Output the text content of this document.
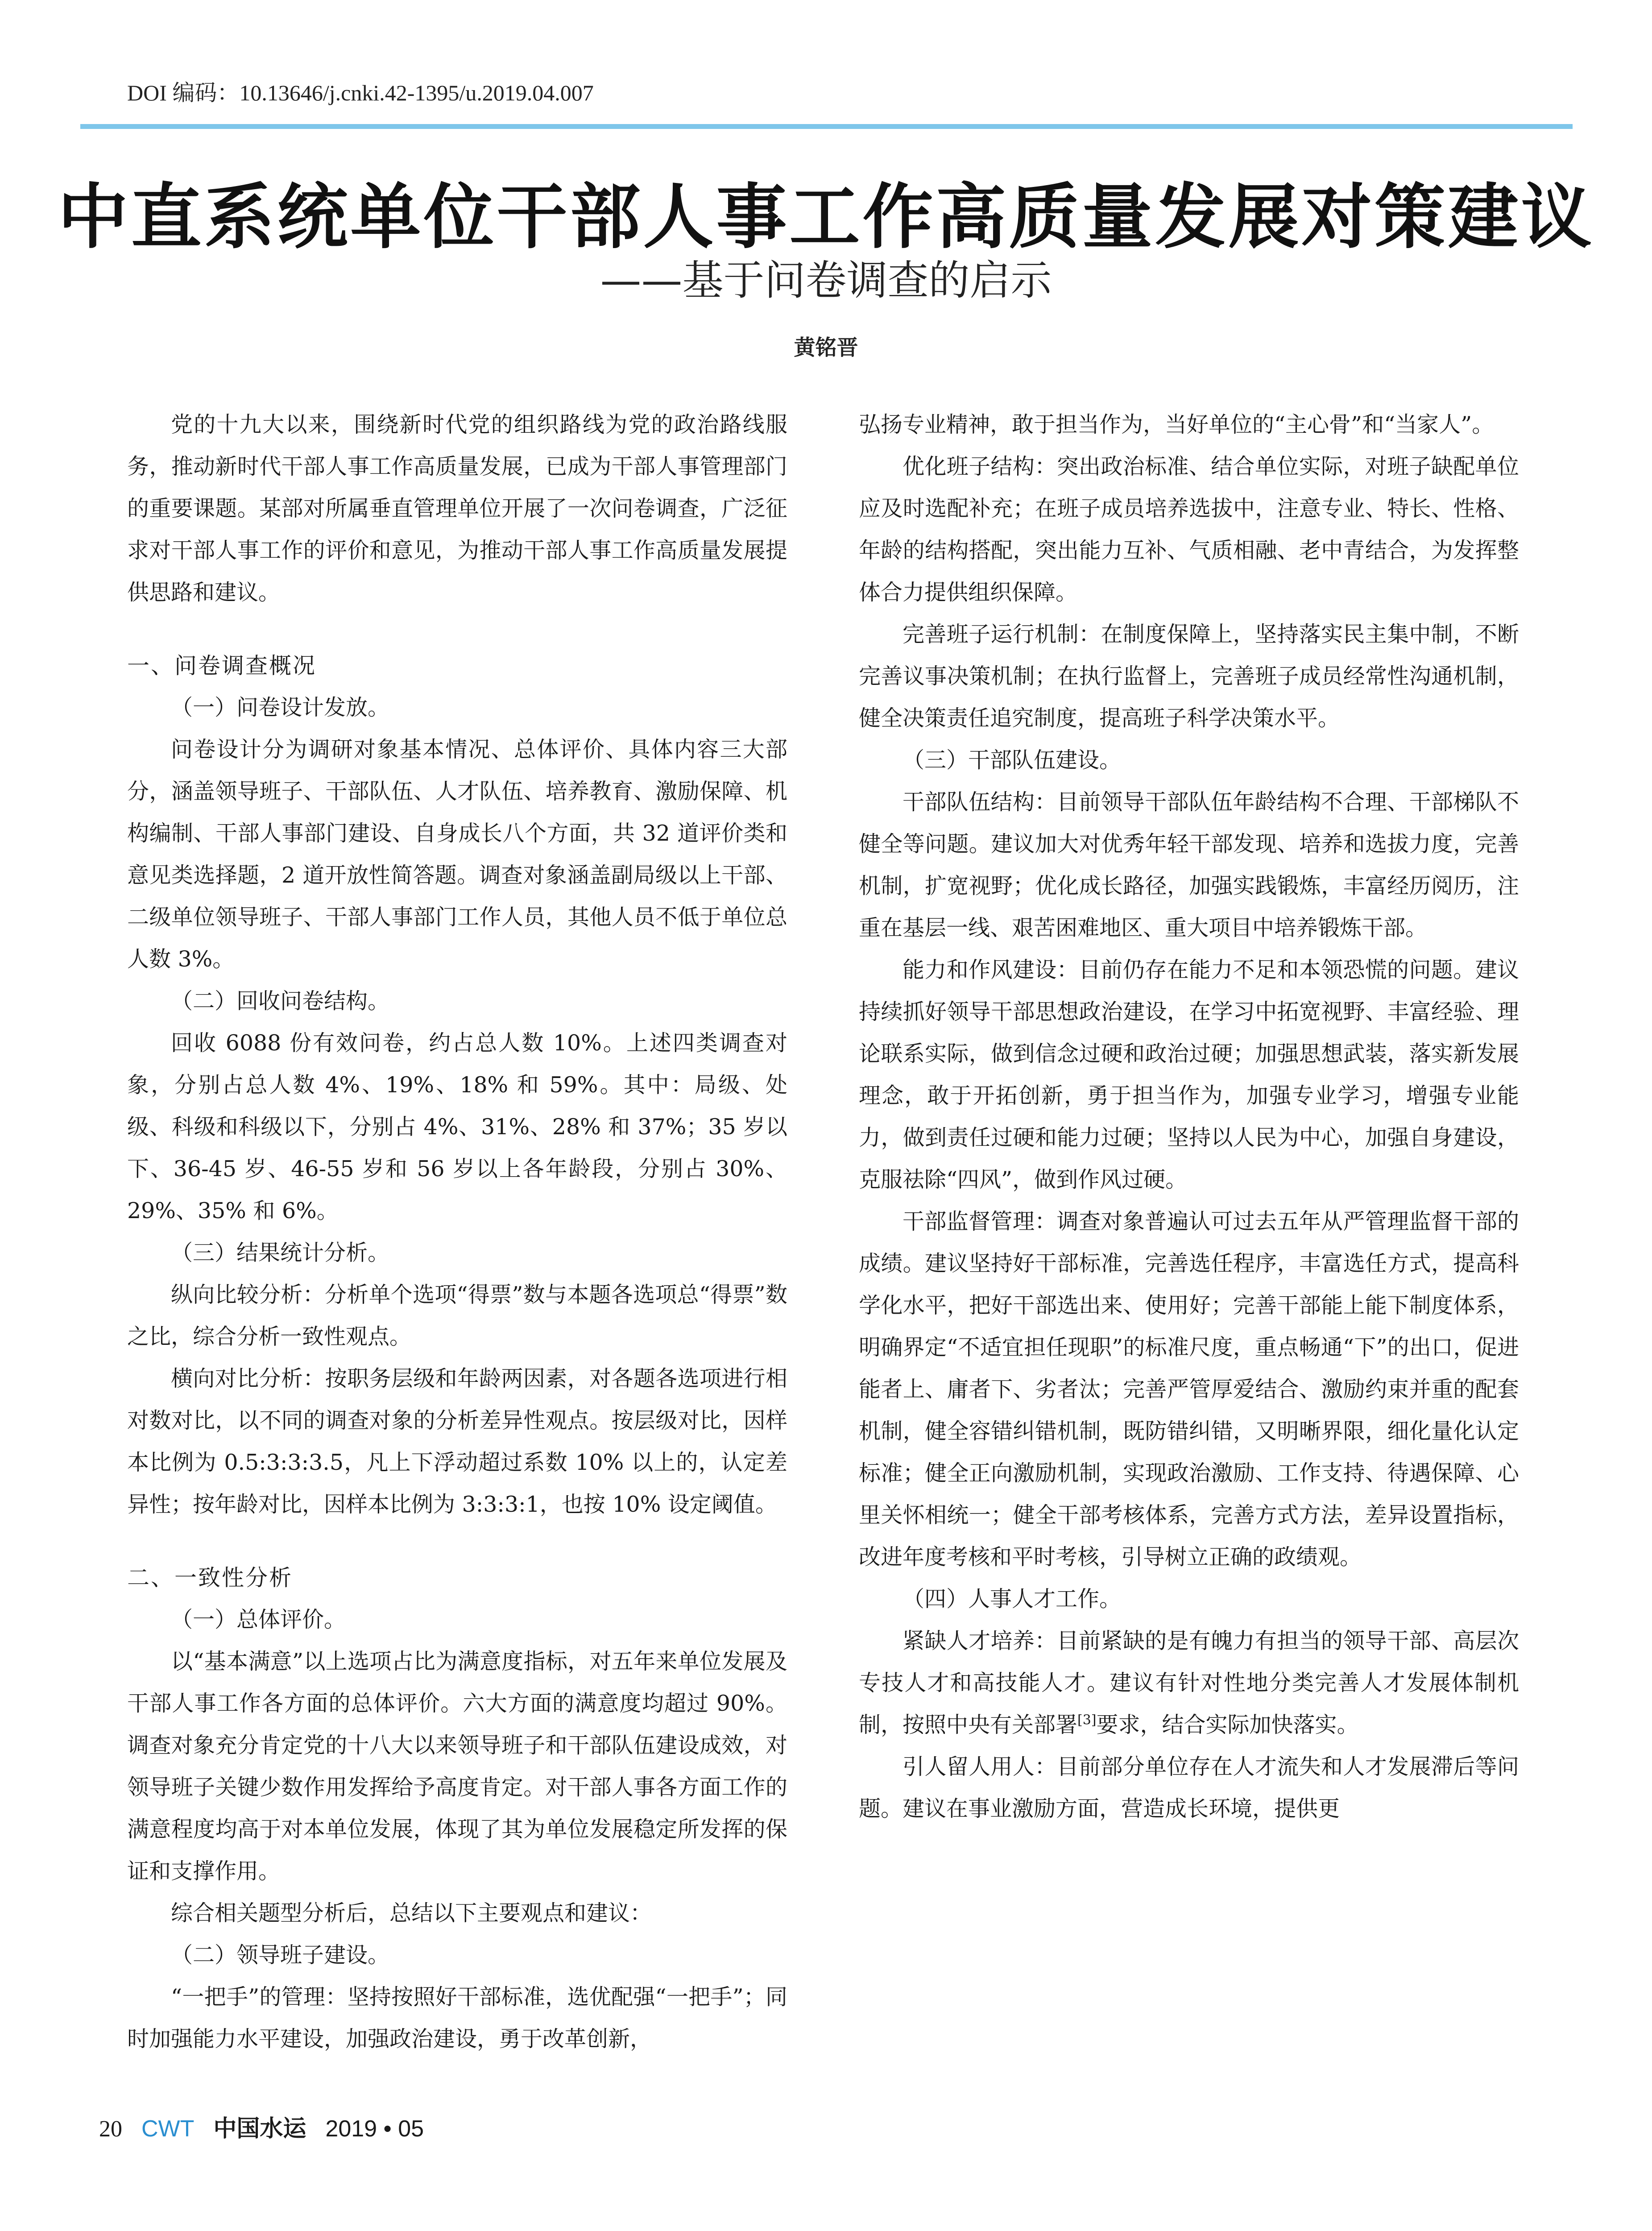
DOI 编码：10.13646/j.cnki.42-1395/u.2019.04.007
中直系统单位干部人事工作高质量发展对策建议
——基于问卷调查的启示
黄铭晋

党的十九大以来，围绕新时代党的组织路线为党的政治路线服务，推动新时代干部人事工作高质量发展，已成为干部人事管理部门的重要课题。某部对所属垂直管理单位开展了一次问卷调查，广泛征求对干部人事工作的评价和意见，为推动干部人事工作高质量发展提供思路和建议。

一、问卷调查概况

（一）问卷设计发放。

问卷设计分为调研对象基本情况、总体评价、具体内容三大部分，涵盖领导班子、干部队伍、人才队伍、培养教育、激励保障、机构编制、干部人事部门建设、自身成长八个方面，共 32 道评价类和意见类选择题，2 道开放性简答题。调查对象涵盖副局级以上干部、二级单位领导班子、干部人事部门工作人员，其他人员不低于单位总人数 3%。

（二）回收问卷结构。

回收 6088 份有效问卷，约占总人数 10%。上述四类调查对象，分别占总人数 4%、19%、18% 和 59%。其中：局级、处级、科级和科级以下，分别占 4%、31%、28% 和 37%；35 岁以下、36-45 岁、46-55 岁和 56 岁以上各年龄段，分别占 30%、29%、35% 和 6%。

（三）结果统计分析。

纵向比较分析：分析单个选项“得票”数与本题各选项总“得票”数之比，综合分析一致性观点。

横向对比分析：按职务层级和年龄两因素，对各题各选项进行相对数对比，以不同的调查对象的分析差异性观点。按层级对比，因样本比例为 0.5:3:3:3.5，凡上下浮动超过系数 10% 以上的，认定差异性；按年龄对比，因样本比例为 3:3:3:1，也按 10% 设定阈值。

二、一致性分析

（一）总体评价。

以“基本满意”以上选项占比为满意度指标，对五年来单位发展及干部人事工作各方面的总体评价。六大方面的满意度均超过 90%。调查对象充分肯定党的十八大以来领导班子和干部队伍建设成效，对领导班子关键少数作用发挥给予高度肯定。对干部人事各方面工作的满意程度均高于对本单位发展，体现了其为单位发展稳定所发挥的保证和支撑作用。

综合相关题型分析后，总结以下主要观点和建议：

（二）领导班子建设。

“一把手”的管理：坚持按照好干部标准，选优配强“一把手”；同时加强能力水平建设，加强政治建设，勇于改革创新，

弘扬专业精神，敢于担当作为，当好单位的“主心骨”和“当家人”。

优化班子结构：突出政治标准、结合单位实际，对班子缺配单位应及时选配补充；在班子成员培养选拔中，注意专业、特长、性格、年龄的结构搭配，突出能力互补、气质相融、老中青结合，为发挥整体合力提供组织保障。

完善班子运行机制：在制度保障上，坚持落实民主集中制，不断完善议事决策机制；在执行监督上，完善班子成员经常性沟通机制，健全决策责任追究制度，提高班子科学决策水平。

（三）干部队伍建设。

干部队伍结构：目前领导干部队伍年龄结构不合理、干部梯队不健全等问题。建议加大对优秀年轻干部发现、培养和选拔力度，完善机制，扩宽视野；优化成长路径，加强实践锻炼，丰富经历阅历，注重在基层一线、艰苦困难地区、重大项目中培养锻炼干部。

能力和作风建设：目前仍存在能力不足和本领恐慌的问题。建议持续抓好领导干部思想政治建设，在学习中拓宽视野、丰富经验、理论联系实际，做到信念过硬和政治过硬；加强思想武装，落实新发展理念，敢于开拓创新，勇于担当作为，加强专业学习，增强专业能力，做到责任过硬和能力过硬；坚持以人民为中心，加强自身建设，克服祛除“四风”，做到作风过硬。

干部监督管理：调查对象普遍认可过去五年从严管理监督干部的成绩。建议坚持好干部标准，完善选任程序，丰富选任方式，提高科学化水平，把好干部选出来、使用好；完善干部能上能下制度体系，明确界定“不适宜担任现职”的标准尺度，重点畅通“下”的出口，促进能者上、庸者下、劣者汰；完善严管厚爱结合、激励约束并重的配套机制，健全容错纠错机制，既防错纠错，又明晰界限，细化量化认定标准；健全正向激励机制，实现政治激励、工作支持、待遇保障、心里关怀相统一；健全干部考核体系，完善方式方法，差异设置指标，改进年度考核和平时考核，引导树立正确的政绩观。

（四）人事人才工作。

紧缺人才培养：目前紧缺的是有魄力有担当的领导干部、高层次专技人才和高技能人才。建议有针对性地分类完善人才发展体制机制，按照中央有关部署[3]要求，结合实际加快落实。

引人留人用人：目前部分单位存在人才流失和人才发展滞后等问题。建议在事业激励方面，营造成长环境，提供更

20 CWT 中国水运 2019 • 05
